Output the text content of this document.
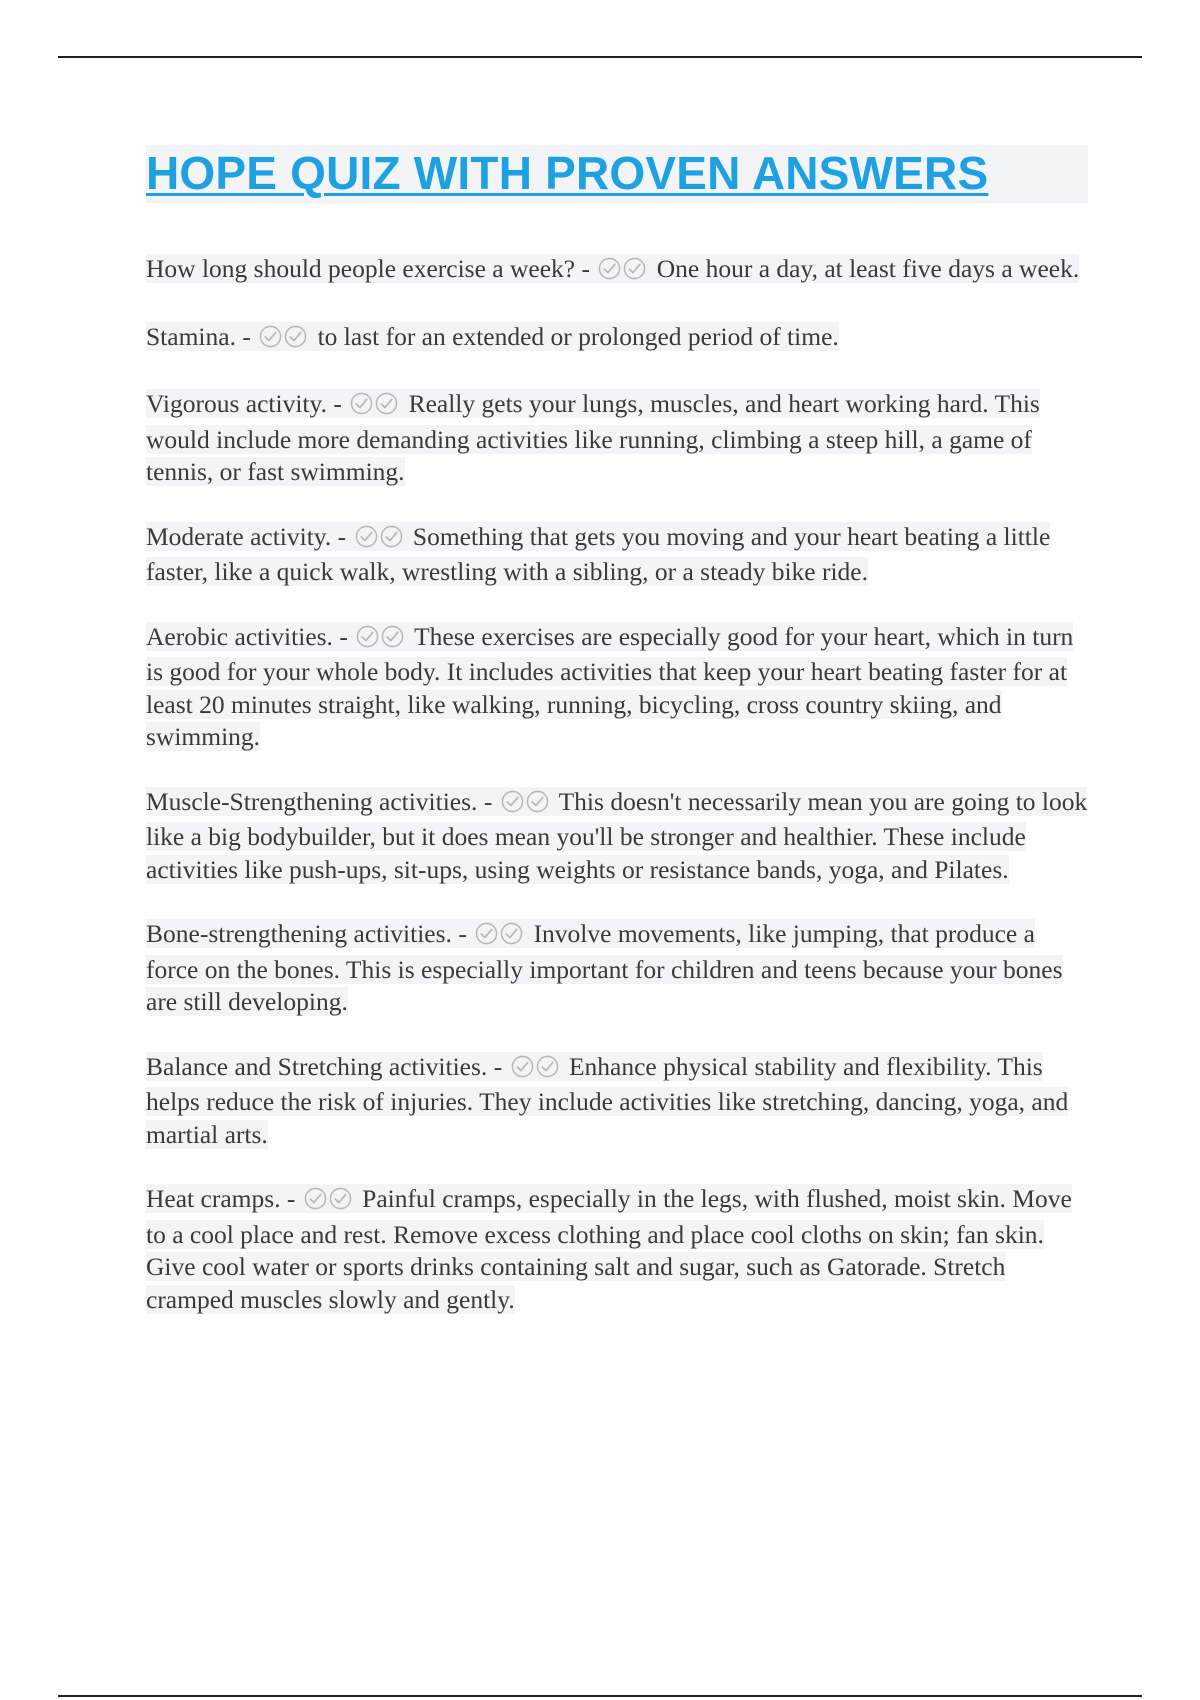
HOPE QUIZ WITH PROVEN ANSWERS

How long should people exercise a week? -	One hour a day, at least five days a week.

Stamina. -	to last for an extended or prolonged period of time.

Vigorous activity. -	Really gets your lungs, muscles, and heart working hard. This would include more demanding activities like running, climbing a steep hill, a game of tennis, or fast swimming.

Moderate activity. -	Something that gets you moving and your heart beating a little faster, like a quick walk, wrestling with a sibling, or a steady bike ride.

Aerobic activities. -	These exercises are especially good for your heart, which in turn is good for your whole body. It includes activities that keep your heart beating faster for at least 20 minutes straight, like walking, running, bicycling, cross country skiing, and swimming.

Muscle-Strengthening activities. -	This doesn't necessarily mean you are going to look like a big bodybuilder, but it does mean you'll be stronger and healthier. These include activities like push-ups, sit-ups, using weights or resistance bands, yoga, and Pilates.

Bone-strengthening activities. -	Involve movements, like jumping, that produce a force on the bones. This is especially important for children and teens because your bones are still developing.

Balance and Stretching activities. -	Enhance physical stability and flexibility. This helps reduce the risk of injuries. They include activities like stretching, dancing, yoga, and martial arts.

Heat cramps. -	Painful cramps, especially in the legs, with flushed, moist skin. Move to a cool place and rest. Remove excess clothing and place cool cloths on skin; fan skin. Give cool water or sports drinks containing salt and sugar, such as Gatorade. Stretch cramped muscles slowly and gently.
